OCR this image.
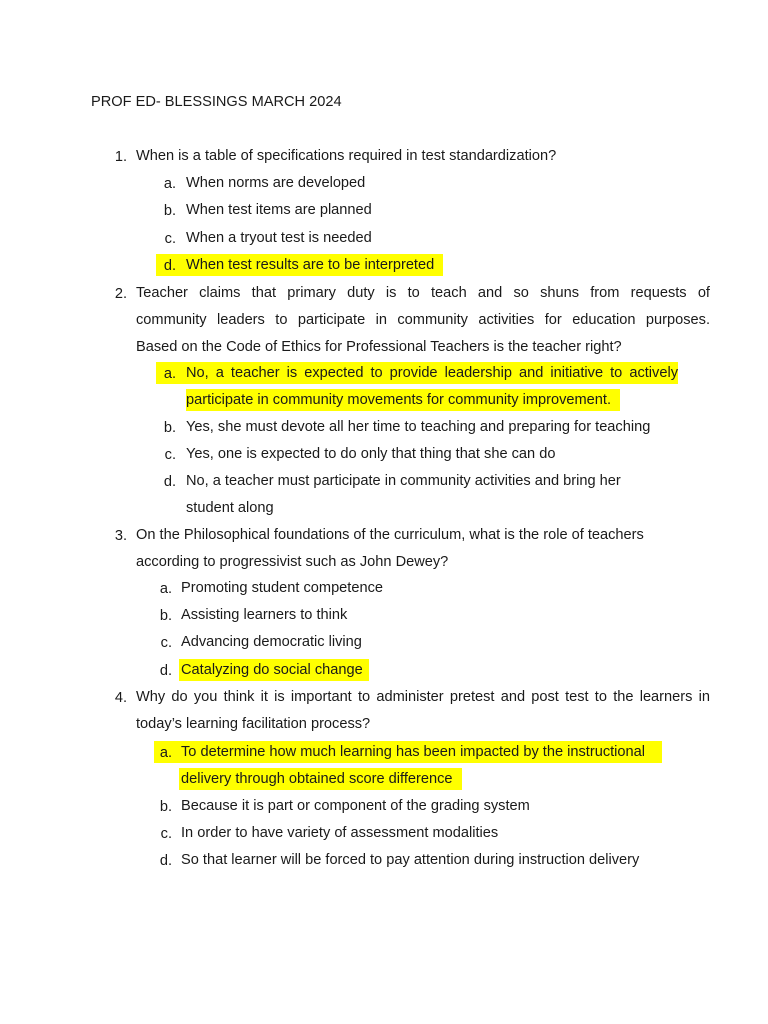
PROF ED- BLESSINGS MARCH 2024
1. When is a table of specifications required in test standardization?
a. When norms are developed
b. When test items are planned
c. When a tryout test is needed
d. When test results are to be interpreted
2. Teacher claims that primary duty is to teach and so shuns from requests of
community leaders to participate in community activities for education purposes.
Based on the Code of Ethics for Professional Teachers is the teacher right?
a. No, a teacher is expected to provide leadership and initiative to actively
participate in community movements for community improvement.
b. Yes, she must devote all her time to teaching and preparing for teaching
c. Yes, one is expected to do only that thing that she can do
d. No, a teacher must participate in community activities and bring her
student along
3. On the Philosophical foundations of the curriculum, what is the role of teachers
according to progressivist such as John Dewey?
a. Promoting student competence
b. Assisting learners to think
c. Advancing democratic living
d. Catalyzing do social change
4. Why do you think it is important to administer pretest and post test to the learners in
today’s learning facilitation process?
a. To determine how much learning has been impacted by the instructional
delivery through obtained score difference
b. Because it is part or component of the grading system
c. In order to have variety of assessment modalities
d. So that learner will be forced to pay attention during instruction delivery
